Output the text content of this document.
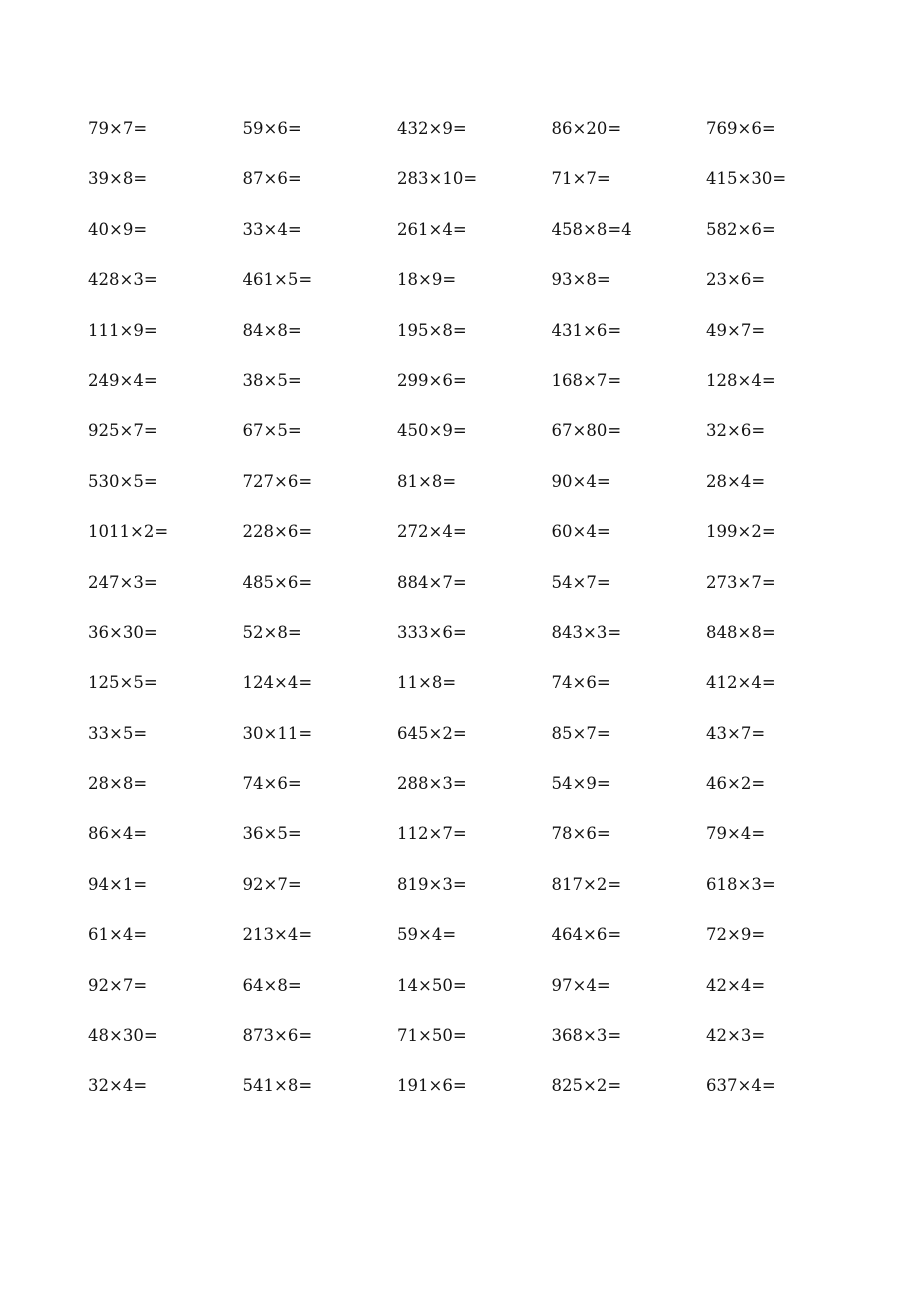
79×7=	59×6=	432×9=	86×20=	769×6=
39×8=	87×6=	283×10=	71×7=	415×30=
40×9=	33×4=	261×4=	458×8=4	582×6=
428×3=	461×5=	18×9=	93×8=	23×6=
111×9=	84×8=	195×8=	431×6=	49×7=
249×4=	38×5=	299×6=	168×7=	128×4=
925×7=	67×5=	450×9=	67×80=	32×6=
530×5=	727×6=	81×8=	90×4=	28×4=
1011×2=	228×6=	272×4=	60×4=	199×2=
247×3=	485×6=	884×7=	54×7=	273×7=
36×30=	52×8=	333×6=	843×3=	848×8=
125×5=	124×4=	11×8=	74×6=	412×4=
33×5=	30×11=	645×2=	85×7=	43×7=
28×8=	74×6=	288×3=	54×9=	46×2=
86×4=	36×5=	112×7=	78×6=	79×4=
94×1=	92×7=	819×3=	817×2=	618×3=
61×4=	213×4=	59×4=	464×6=	72×9=
92×7=	64×8=	14×50=	97×4=	42×4=
48×30=	873×6=	71×50=	368×3=	42×3=
32×4=	541×8=	191×6=	825×2=	637×4=
